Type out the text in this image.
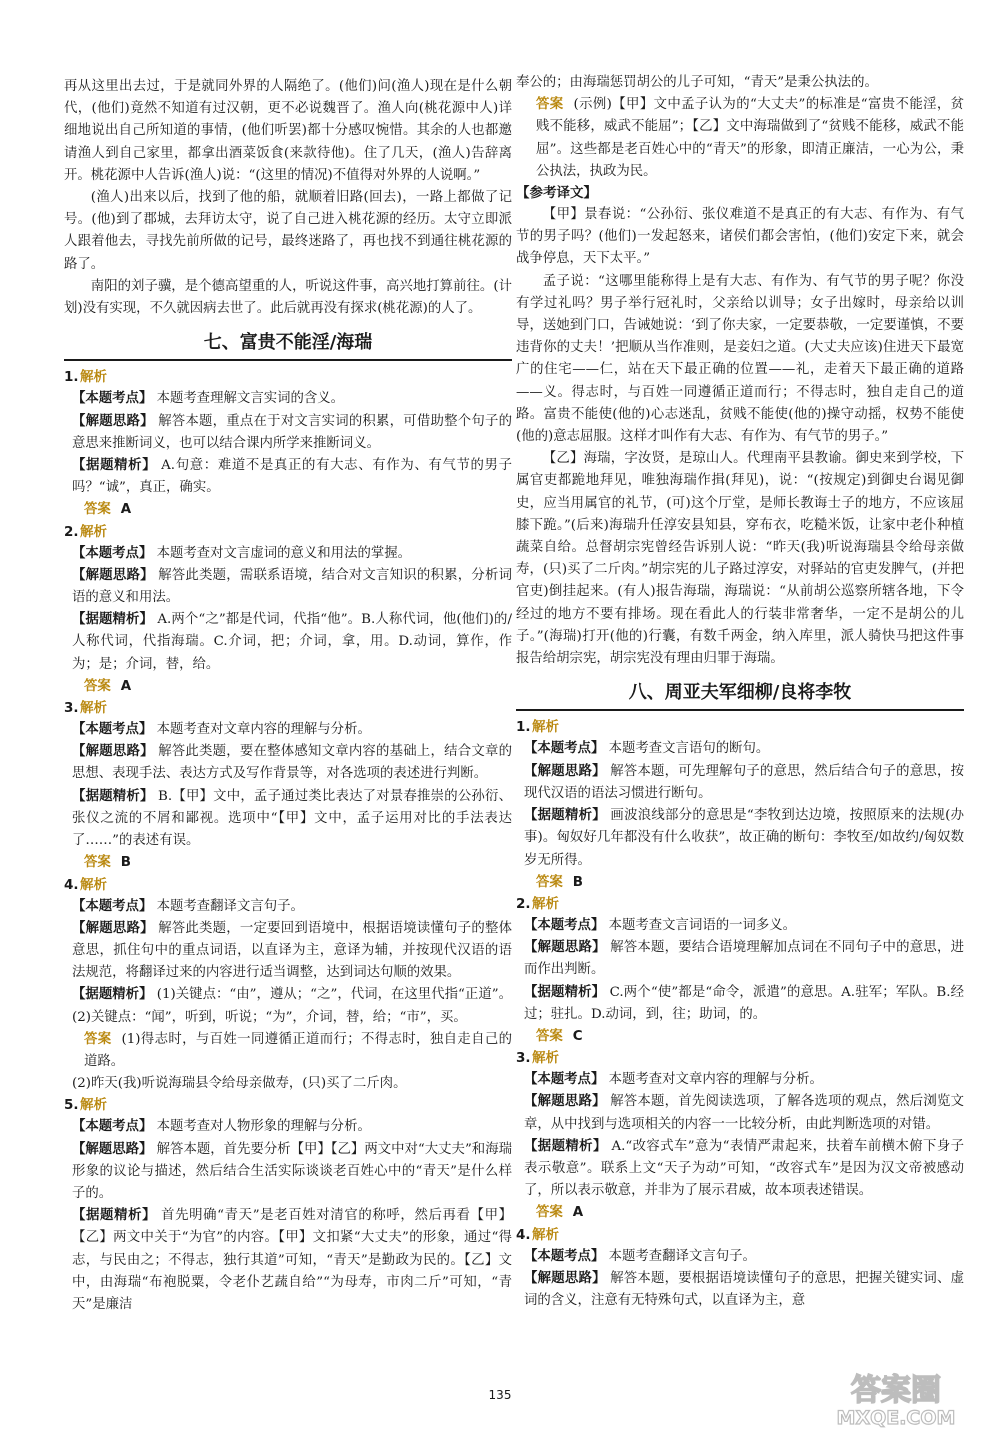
再从这里出去过，于是就同外界的人隔绝了。(他们)问(渔人)现在是什么朝代，(他们)竟然不知道有过汉朝，更不必说魏晋了。渔人向(桃花源中人)详细地说出自己所知道的事情，(他们听罢)都十分感叹惋惜。其余的人也都邀请渔人到自己家里，都拿出酒菜饭食(来款待他)。住了几天，(渔人)告辞离开。桃花源中人告诉(渔人)说：“(这里的情况)不值得对外界的人说啊。”

(渔人)出来以后，找到了他的船，就顺着旧路(回去)，一路上都做了记号。(他)到了郡城，去拜访太守，说了自己进入桃花源的经历。太守立即派人跟着他去，寻找先前所做的记号，最终迷路了，再也找不到通往桃花源的路了。

南阳的刘子骥，是个德高望重的人，听说这件事，高兴地打算前往。(计划)没有实现，不久就因病去世了。此后就再没有探求(桃花源)的人了。

七、富贵不能淫/海瑞
1.解析

【本题考点】 本题考查理解文言实词的含义。

【解题思路】 解答本题，重点在于对文言实词的积累，可借助整个句子的意思来推断词义，也可以结合课内所学来推断词义。

【据题精析】 A.句意：难道不是真正的有大志、有作为、有气节的男子吗？“诚”，真正，确实。

答案 A
2.解析

【本题考点】 本题考查对文言虚词的意义和用法的掌握。

【解题思路】 解答此类题，需联系语境，结合对文言知识的积累，分析词语的意义和用法。

【据题精析】 A.两个“之”都是代词，代指“他”。B.人称代词，他(他们)的/人称代词，代指海瑞。C.介词，把；介词，拿，用。D.动词，算作，作为；是；介词，替，给。

答案 A
3.解析

【本题考点】 本题考查对文章内容的理解与分析。

【解题思路】 解答此类题，要在整体感知文章内容的基础上，结合文章的思想、表现手法、表达方式及写作背景等，对各选项的表述进行判断。

【据题精析】 B.【甲】文中，孟子通过类比表达了对景春推崇的公孙衍、张仪之流的不屑和鄙视。选项中“【甲】文中，孟子运用对比的手法表达了……”的表述有误。

答案 B
4.解析

【本题考点】 本题考查翻译文言句子。

【解题思路】 解答此类题，一定要回到语境中，根据语境读懂句子的整体意思，抓住句中的重点词语，以直译为主，意译为辅，并按现代汉语的语法规范，将翻译过来的内容进行适当调整，达到词达句顺的效果。

【据题精析】 (1)关键点：“由”，遵从；“之”，代词，在这里代指“正道”。(2)关键点：“闻”，听到，听说；“为”，介词，替，给；“市”，买。

答案 (1)得志时，与百姓一同遵循正道而行；不得志时，独自走自己的道路。

(2)昨天(我)听说海瑞县令给母亲做寿，(只)买了二斤肉。

5.解析

【本题考点】 本题考查对人物形象的理解与分析。

【解题思路】 解答本题，首先要分析【甲】【乙】两文中对“大丈夫”和海瑞形象的议论与描述，然后结合生活实际谈谈老百姓心中的“青天”是什么样子的。

【据题精析】 首先明确“青天”是老百姓对清官的称呼，然后再看【甲】【乙】两文中关于“为官”的内容。【甲】文扣紧“大丈夫”的形象，通过“得志，与民由之；不得志，独行其道”可知，“青天”是勤政为民的。【乙】文中，由海瑞“布袍脱粟，令老仆艺蔬自给”“为母寿，市肉二斤”可知，“青天”是廉洁

奉公的；由海瑞惩罚胡公的儿子可知，“青天”是秉公执法的。

答案 (示例)【甲】文中孟子认为的“大丈夫”的标准是“富贵不能淫，贫贱不能移，威武不能屈”；【乙】文中海瑞做到了“贫贱不能移，威武不能屈”。这些都是老百姓心中的“青天”的形象，即清正廉洁，一心为公，秉公执法，执政为民。

【参考译文】

【甲】景春说：“公孙衍、张仪难道不是真正的有大志、有作为、有气节的男子吗？(他们)一发起怒来，诸侯们都会害怕，(他们)安定下来，就会战争停息，天下太平。”

孟子说：“这哪里能称得上是有大志、有作为、有气节的男子呢？你没有学过礼吗？男子举行冠礼时，父亲给以训导；女子出嫁时，母亲给以训导，送她到门口，告诫她说：‘到了你夫家，一定要恭敬，一定要谨慎，不要违背你的丈夫！’把顺从当作准则，是妾妇之道。(大丈夫应该)住进天下最宽广的住宅——仁，站在天下最正确的位置——礼，走着天下最正确的道路——义。得志时，与百姓一同遵循正道而行；不得志时，独自走自己的道路。富贵不能使(他的)心志迷乱，贫贱不能使(他的)操守动摇，权势不能使(他的)意志屈服。这样才叫作有大志、有作为、有气节的男子。”

【乙】海瑞，字汝贤，是琼山人。代理南平县教谕。御史来到学校，下属官吏都跪地拜见，唯独海瑞作揖(拜见)，说：“(按规定)到御史台谒见御史，应当用属官的礼节，(可)这个厅堂，是师长教诲士子的地方，不应该屈膝下跪。”(后来)海瑞升任淳安县知县，穿布衣，吃糙米饭，让家中老仆种植蔬菜自给。总督胡宗宪曾经告诉别人说：“昨天(我)听说海瑞县令给母亲做寿，(只)买了二斤肉。”胡宗宪的儿子路过淳安，对驿站的官吏发脾气，(并把官吏)倒挂起来。(有人)报告海瑞，海瑞说：“从前胡公巡察所辖各地，下令经过的地方不要有排场。现在看此人的行装非常奢华，一定不是胡公的儿子。”(海瑞)打开(他的)行囊，有数千两金，纳入库里，派人骑快马把这件事报告给胡宗宪，胡宗宪没有理由归罪于海瑞。

八、周亚夫军细柳/良将李牧
1.解析

【本题考点】 本题考查文言语句的断句。

【解题思路】 解答本题，可先理解句子的意思，然后结合句子的意思，按现代汉语的语法习惯进行断句。

【据题精析】 画波浪线部分的意思是“李牧到达边境，按照原来的法规(办事)。匈奴好几年都没有什么收获”，故正确的断句：李牧至/如故约/匈奴数岁无所得。

答案 B
2.解析

【本题考点】 本题考查文言词语的一词多义。

【解题思路】 解答本题，要结合语境理解加点词在不同句子中的意思，进而作出判断。

【据题精析】 C.两个“使”都是“命令，派遣”的意思。A.驻军；军队。B.经过；驻扎。D.动词，到，往；助词，的。

答案 C
3.解析

【本题考点】 本题考查对文章内容的理解与分析。

【解题思路】 解答本题，首先阅读选项，了解各选项的观点，然后浏览文章，从中找到与选项相关的内容一一比较分析，由此判断选项的对错。

【据题精析】 A.“改容式车”意为“表情严肃起来，扶着车前横木俯下身子表示敬意”。联系上文“天子为动”可知，“改容式车”是因为汉文帝被感动了，所以表示敬意，并非为了展示君威，故本项表述错误。

答案 A
4.解析

【本题考点】 本题考查翻译文言句子。

【解题思路】 解答本题，要根据语境读懂句子的意思，把握关键实词、虚词的含义，注意有无特殊句式，以直译为主，意

135	答案圈
MXQE.COM
